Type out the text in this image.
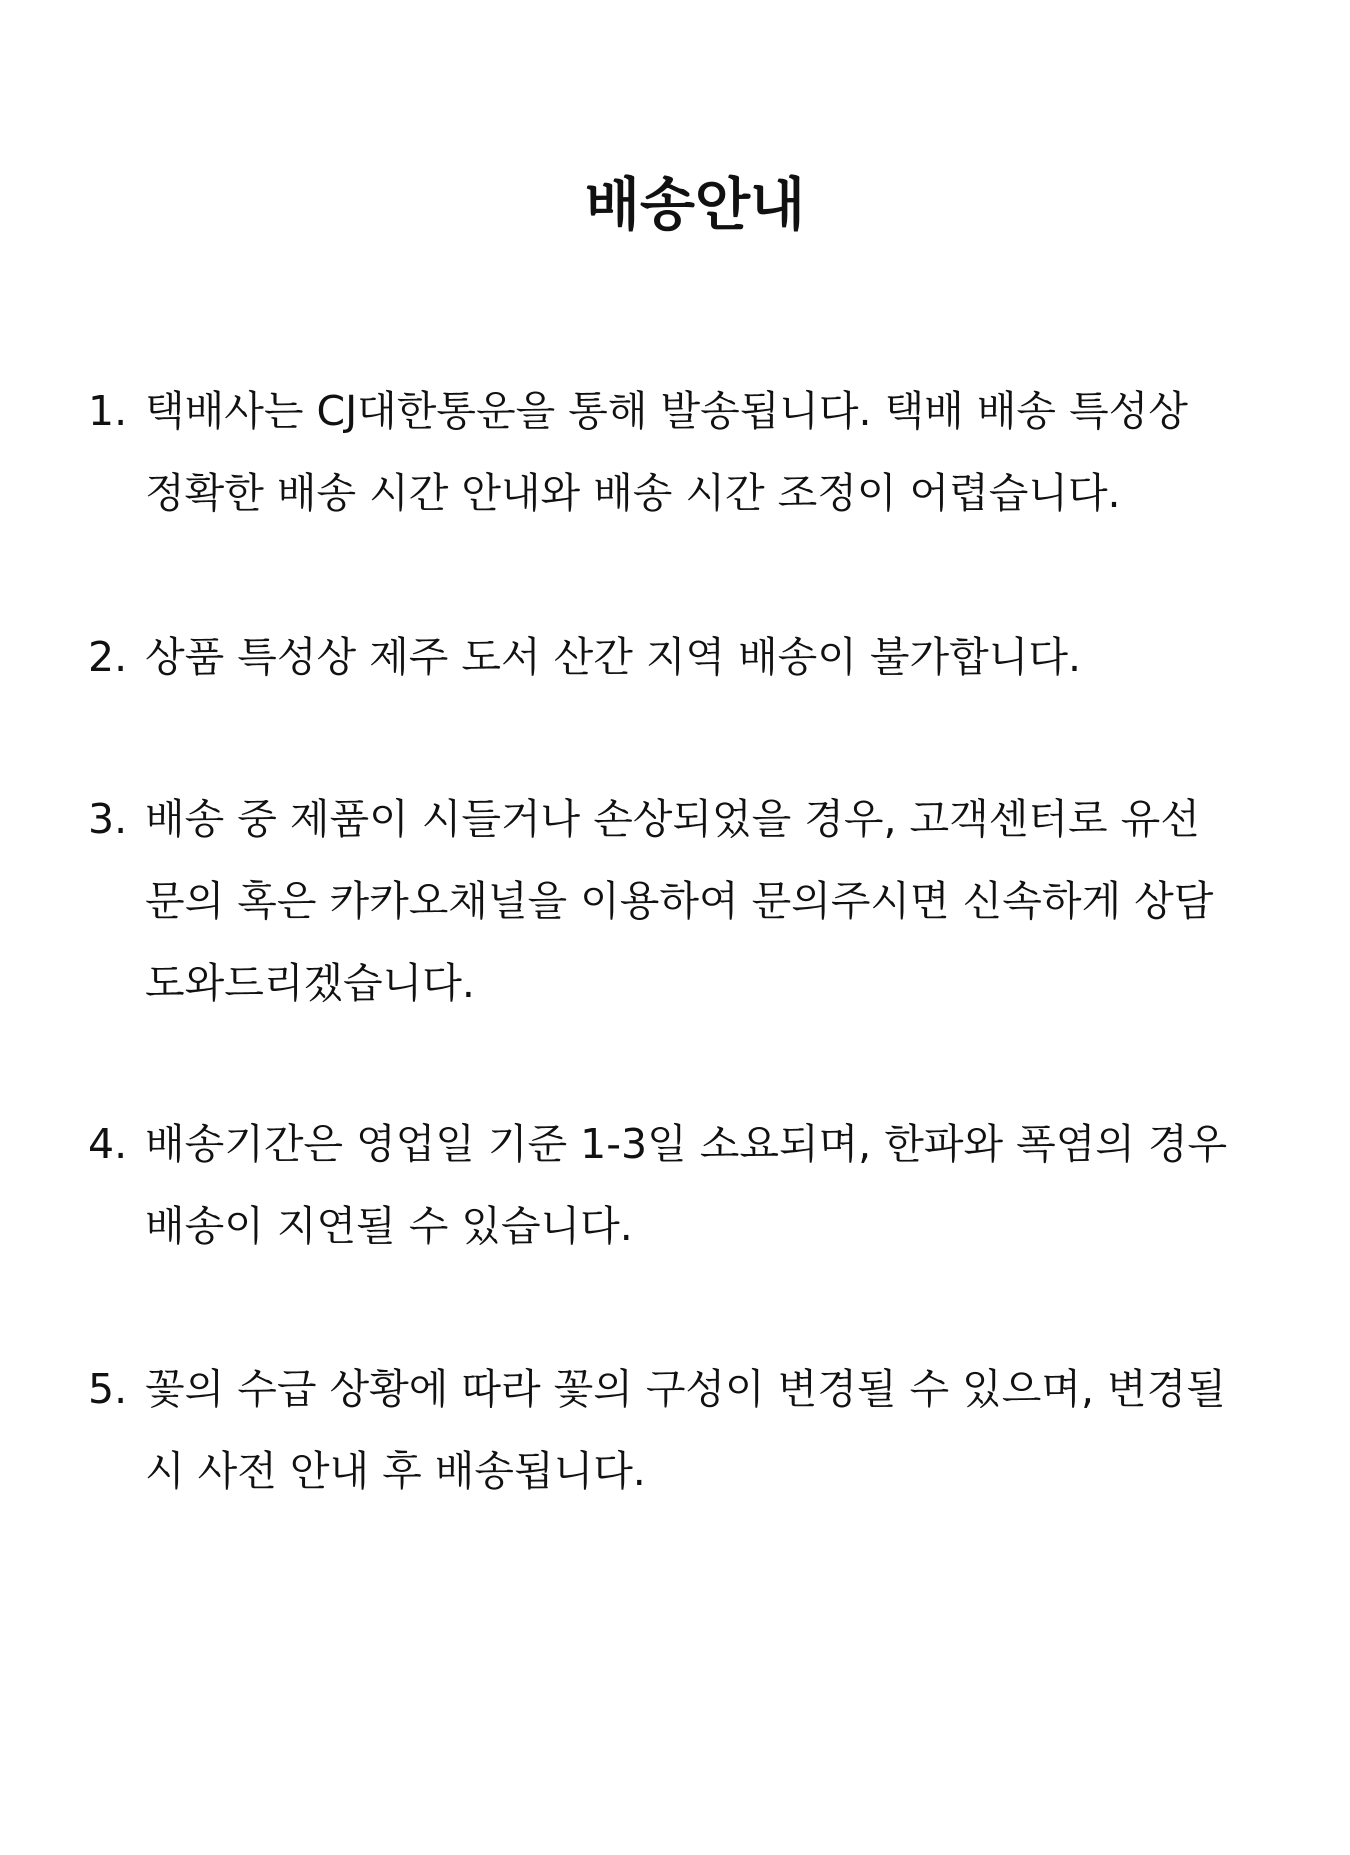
배송안내
1. 택배사는 CJ대한통운을 통해 발송됩니다. 택배 배송 특성상
정확한 배송 시간 안내와 배송 시간 조정이 어렵습니다.
2. 상품 특성상 제주 도서 산간 지역 배송이 불가합니다.
3. 배송 중 제품이 시들거나 손상되었을 경우, 고객센터로 유선
문의 혹은 카카오채널을 이용하여 문의주시면 신속하게 상담
도와드리겠습니다.
4. 배송기간은 영업일 기준 1-3일 소요되며, 한파와 폭염의 경우
배송이 지연될 수 있습니다.
5. 꽃의 수급 상황에 따라 꽃의 구성이 변경될 수 있으며, 변경될
시 사전 안내 후 배송됩니다.
